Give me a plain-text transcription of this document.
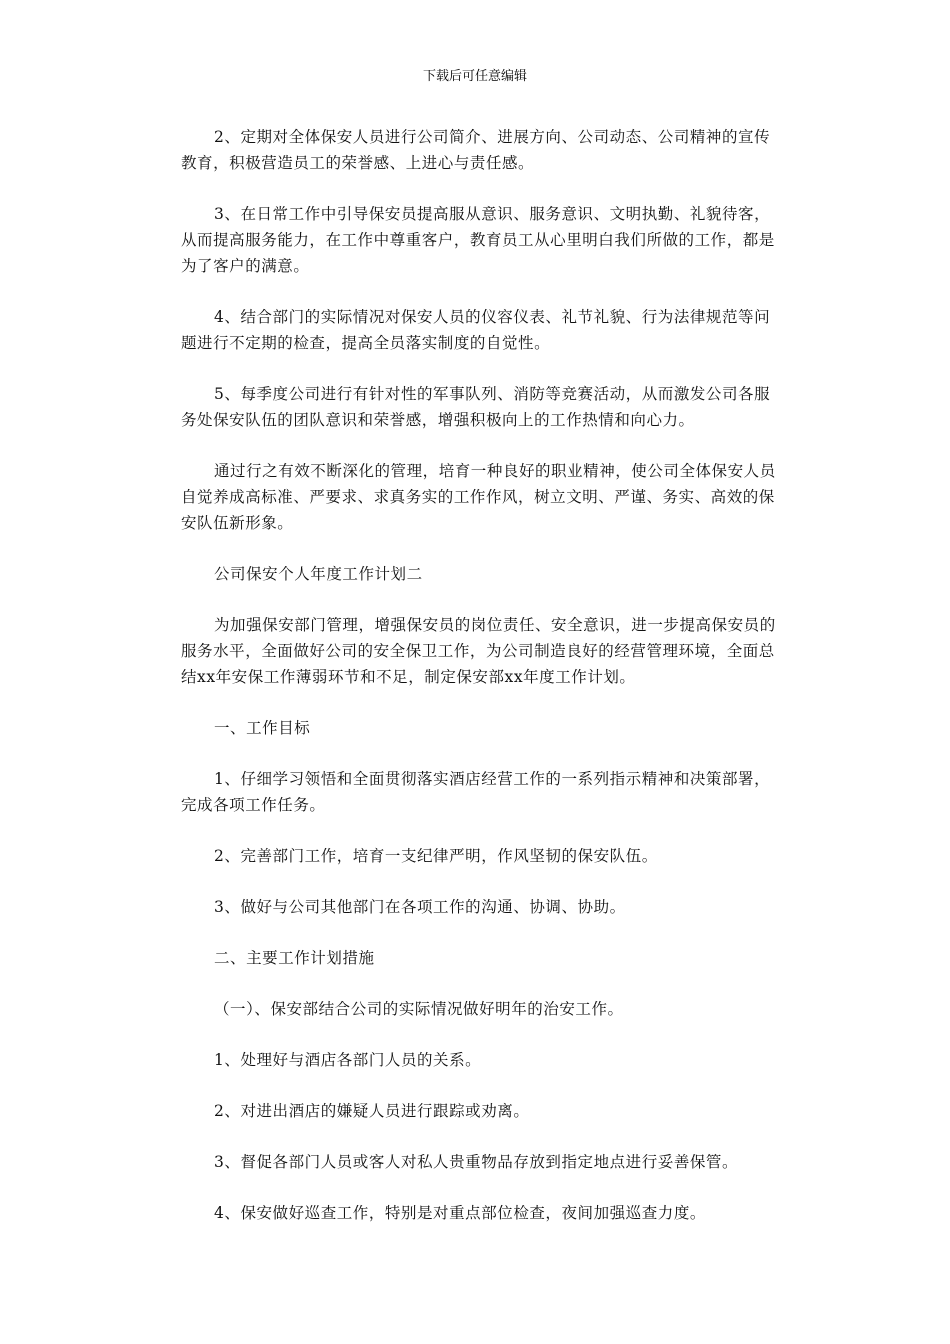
下载后可任意编辑

2、定期对全体保安人员进行公司简介、进展方向、公司动态、公司精神的宣传教育，积极营造员工的荣誉感、上进心与责任感。

3、在日常工作中引导保安员提高服从意识、服务意识、文明执勤、礼貌待客，从而提高服务能力，在工作中尊重客户，教育员工从心里明白我们所做的工作，都是为了客户的满意。

4、结合部门的实际情况对保安人员的仪容仪表、礼节礼貌、行为法律规范等问题进行不定期的检查，提高全员落实制度的自觉性。

5、每季度公司进行有针对性的军事队列、消防等竞赛活动，从而激发公司各服务处保安队伍的团队意识和荣誉感，增强积极向上的工作热情和向心力。

通过行之有效不断深化的管理，培育一种良好的职业精神，使公司全体保安人员自觉养成高标准、严要求、求真务实的工作作风，树立文明、严谨、务实、高效的保安队伍新形象。

公司保安个人年度工作计划二

为加强保安部门管理，增强保安员的岗位责任、安全意识，进一步提高保安员的服务水平，全面做好公司的安全保卫工作，为公司制造良好的经营管理环境，全面总结xx年安保工作薄弱环节和不足，制定保安部xx年度工作计划。

一、工作目标

1、仔细学习领悟和全面贯彻落实酒店经营工作的一系列指示精神和决策部署，完成各项工作任务。

2、完善部门工作，培育一支纪律严明，作风坚韧的保安队伍。

3、做好与公司其他部门在各项工作的沟通、协调、协助。

二、主要工作计划措施

（一）、保安部结合公司的实际情况做好明年的治安工作。

1、处理好与酒店各部门人员的关系。

2、对进出酒店的嫌疑人员进行跟踪或劝离。

3、督促各部门人员或客人对私人贵重物品存放到指定地点进行妥善保管。

4、保安做好巡查工作，特别是对重点部位检查，夜间加强巡查力度。
